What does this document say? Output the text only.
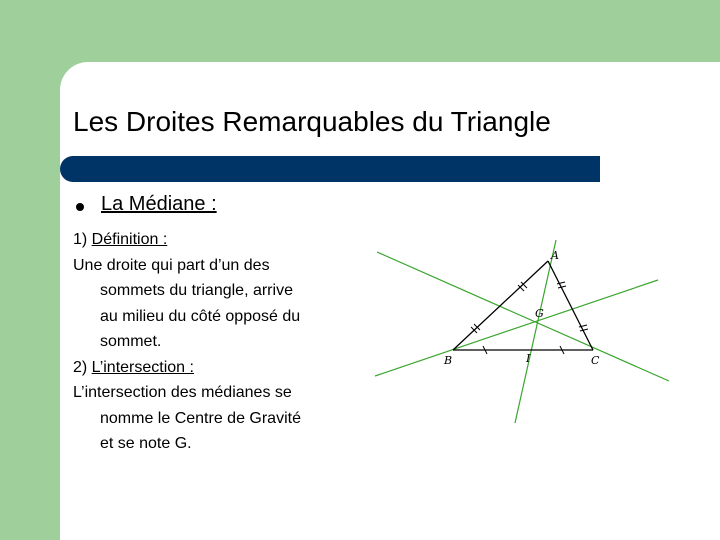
Les Droites Remarquables du Triangle
La Médiane :
1) Définition :
Une droite qui part d’un des
sommets du triangle, arrive
au milieu du côté opposé du
sommet.
2) L’intersection :
L’intersection des médianes se
nomme le Centre de Gravité
et se note G.
A
B	C
G
I
